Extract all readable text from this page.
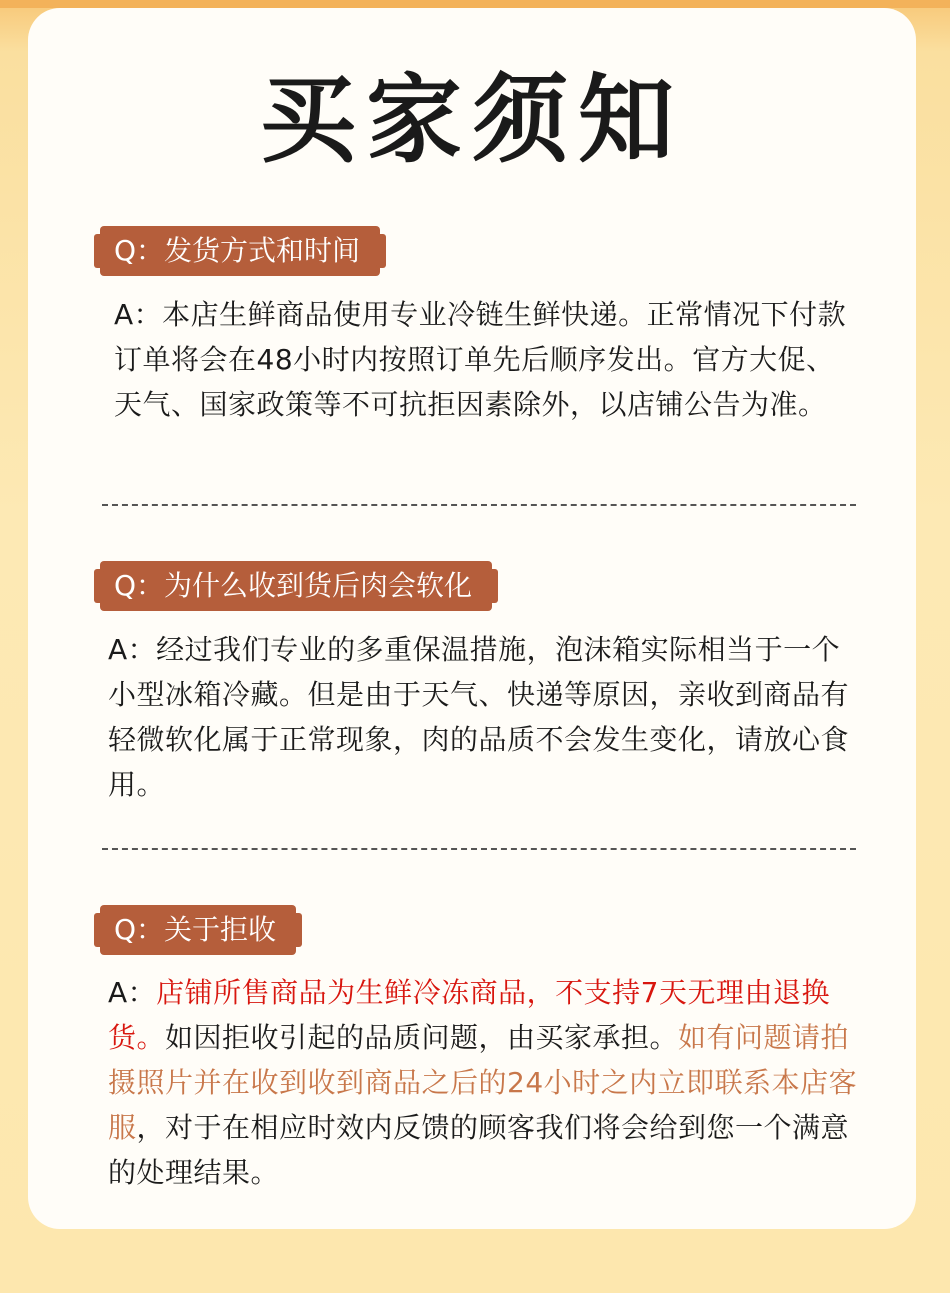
买家须知
Q：发货方式和时间
A：本店生鲜商品使用专业冷链生鲜快递。正常情况下付款订单将会在48小时内按照订单先后顺序发出。官方大促、天气、国家政策等不可抗拒因素除外，以店铺公告为准。
Q：为什么收到货后肉会软化
A：经过我们专业的多重保温措施，泡沫箱实际相当于一个小型冰箱冷藏。但是由于天气、快递等原因，亲收到商品有轻微软化属于正常现象，肉的品质不会发生变化，请放心食用。
Q：关于拒收
A：店铺所售商品为生鲜冷冻商品，不支持7天无理由退换货。如因拒收引起的品质问题，由买家承担。如有问题请拍摄照片并在收到收到商品之后的24小时之内立即联系本店客服，对于在相应时效内反馈的顾客我们将会给到您一个满意的处理结果。
